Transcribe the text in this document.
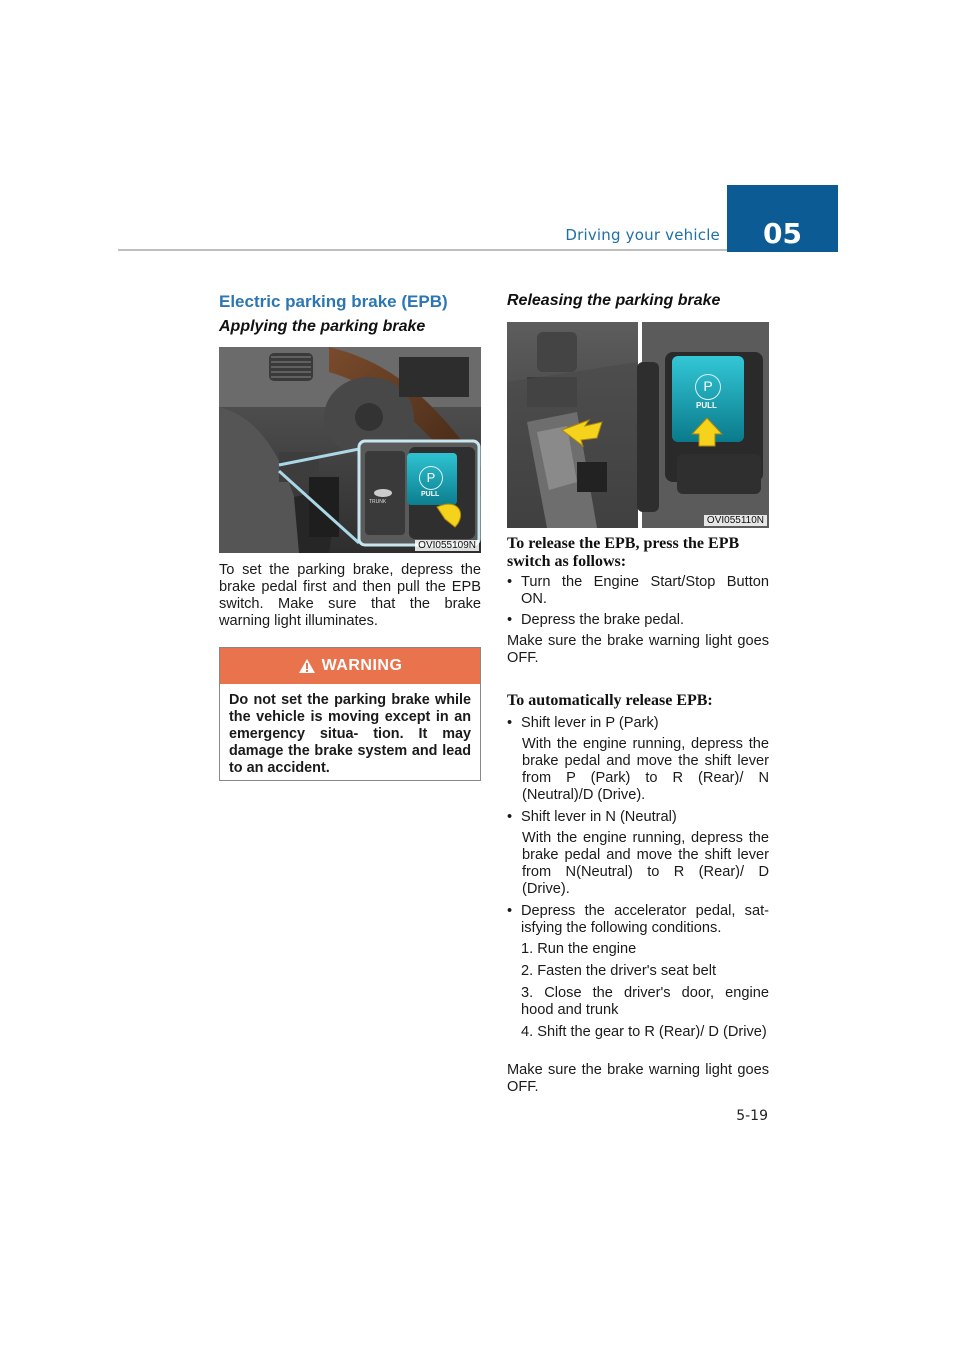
Driving your vehicle 05
Electric parking brake (EPB)
Applying the parking brake
P
PULL
TRUNK
OVI055109N
To set the parking brake, depress the brake pedal first and then pull the EPB switch. Make sure that the brake warning light illuminates.
WARNING
Do not set the parking brake while the vehicle is moving except in an emergency situa- tion. It may damage the brake system and lead to an accident.
Releasing the parking brake
P
PULL
OVI055110N
To release the EPB, press the EPB switch as follows:
• Turn the Engine Start/Stop Button ON.
• Depress the brake pedal.
Make sure the brake warning light goes OFF.
To automatically release EPB:
• Shift lever in P (Park)
With the engine running, depress the brake pedal and move the shift lever from P (Park) to R (Rear)/ N (Neutral)/D (Drive).
• Shift lever in N (Neutral)
With the engine running, depress the brake pedal and move the shift lever from N(Neutral) to R (Rear)/ D (Drive).
• Depress the accelerator pedal, sat- isfying the following conditions.
1. Run the engine
2. Fasten the driver's seat belt
3. Close the driver's door, engine hood and trunk
4. Shift the gear to R (Rear)/ D (Drive)
Make sure the brake warning light goes OFF.
5-19
